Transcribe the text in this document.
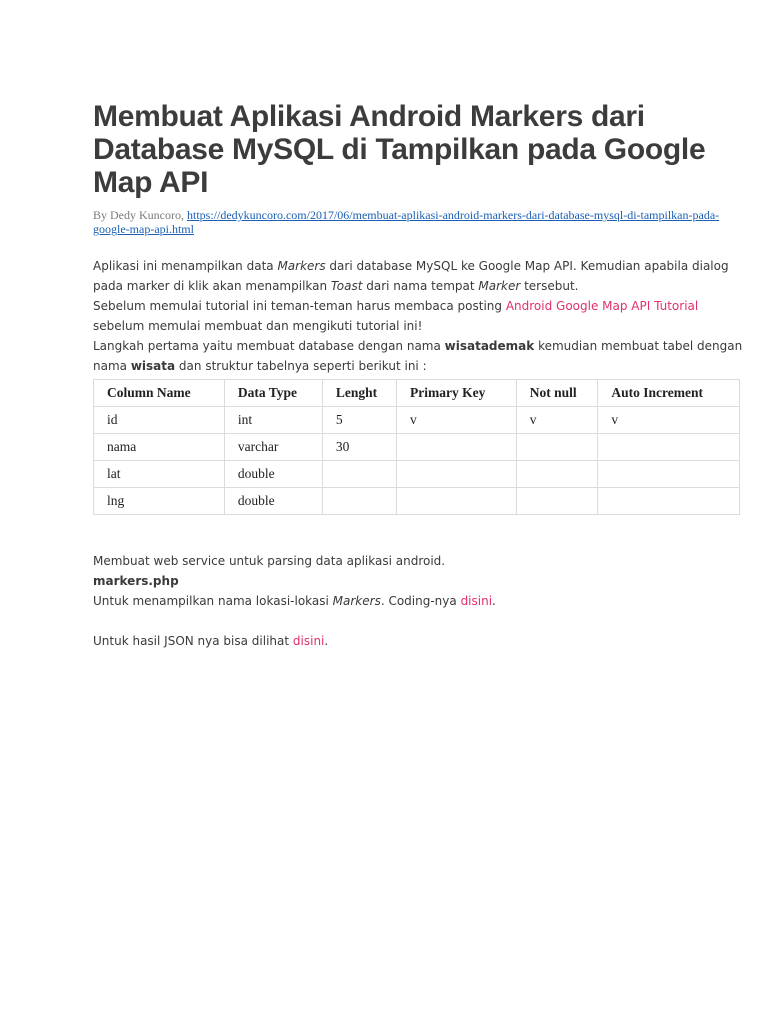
Membuat Aplikasi Android Markers dari Database MySQL di Tampilkan pada Google Map API
By Dedy Kuncoro, https://dedykuncoro.com/2017/06/membuat-aplikasi-android-markers-dari-database-mysql-di-tampilkan-pada-google-map-api.html
Aplikasi ini menampilkan data Markers dari database MySQL ke Google Map API. Kemudian apabila dialog pada marker di klik akan menampilkan Toast dari nama tempat Marker tersebut.
Sebelum memulai tutorial ini teman-teman harus membaca posting Android Google Map API Tutorial sebelum memulai membuat dan mengikuti tutorial ini!
Langkah pertama yaitu membuat database dengan nama wisatademak kemudian membuat tabel dengan nama wisata dan struktur tabelnya seperti berikut ini :
Column Name	Data Type	Lenght	Primary Key	Not null	Auto Increment
id	int	5	v	v	v
nama	varchar	30			
lat	double				
lng	double				
Membuat web service untuk parsing data aplikasi android.
markers.php
Untuk menampilkan nama lokasi-lokasi Markers. Coding-nya disini.
Untuk hasil JSON nya bisa dilihat disini.
